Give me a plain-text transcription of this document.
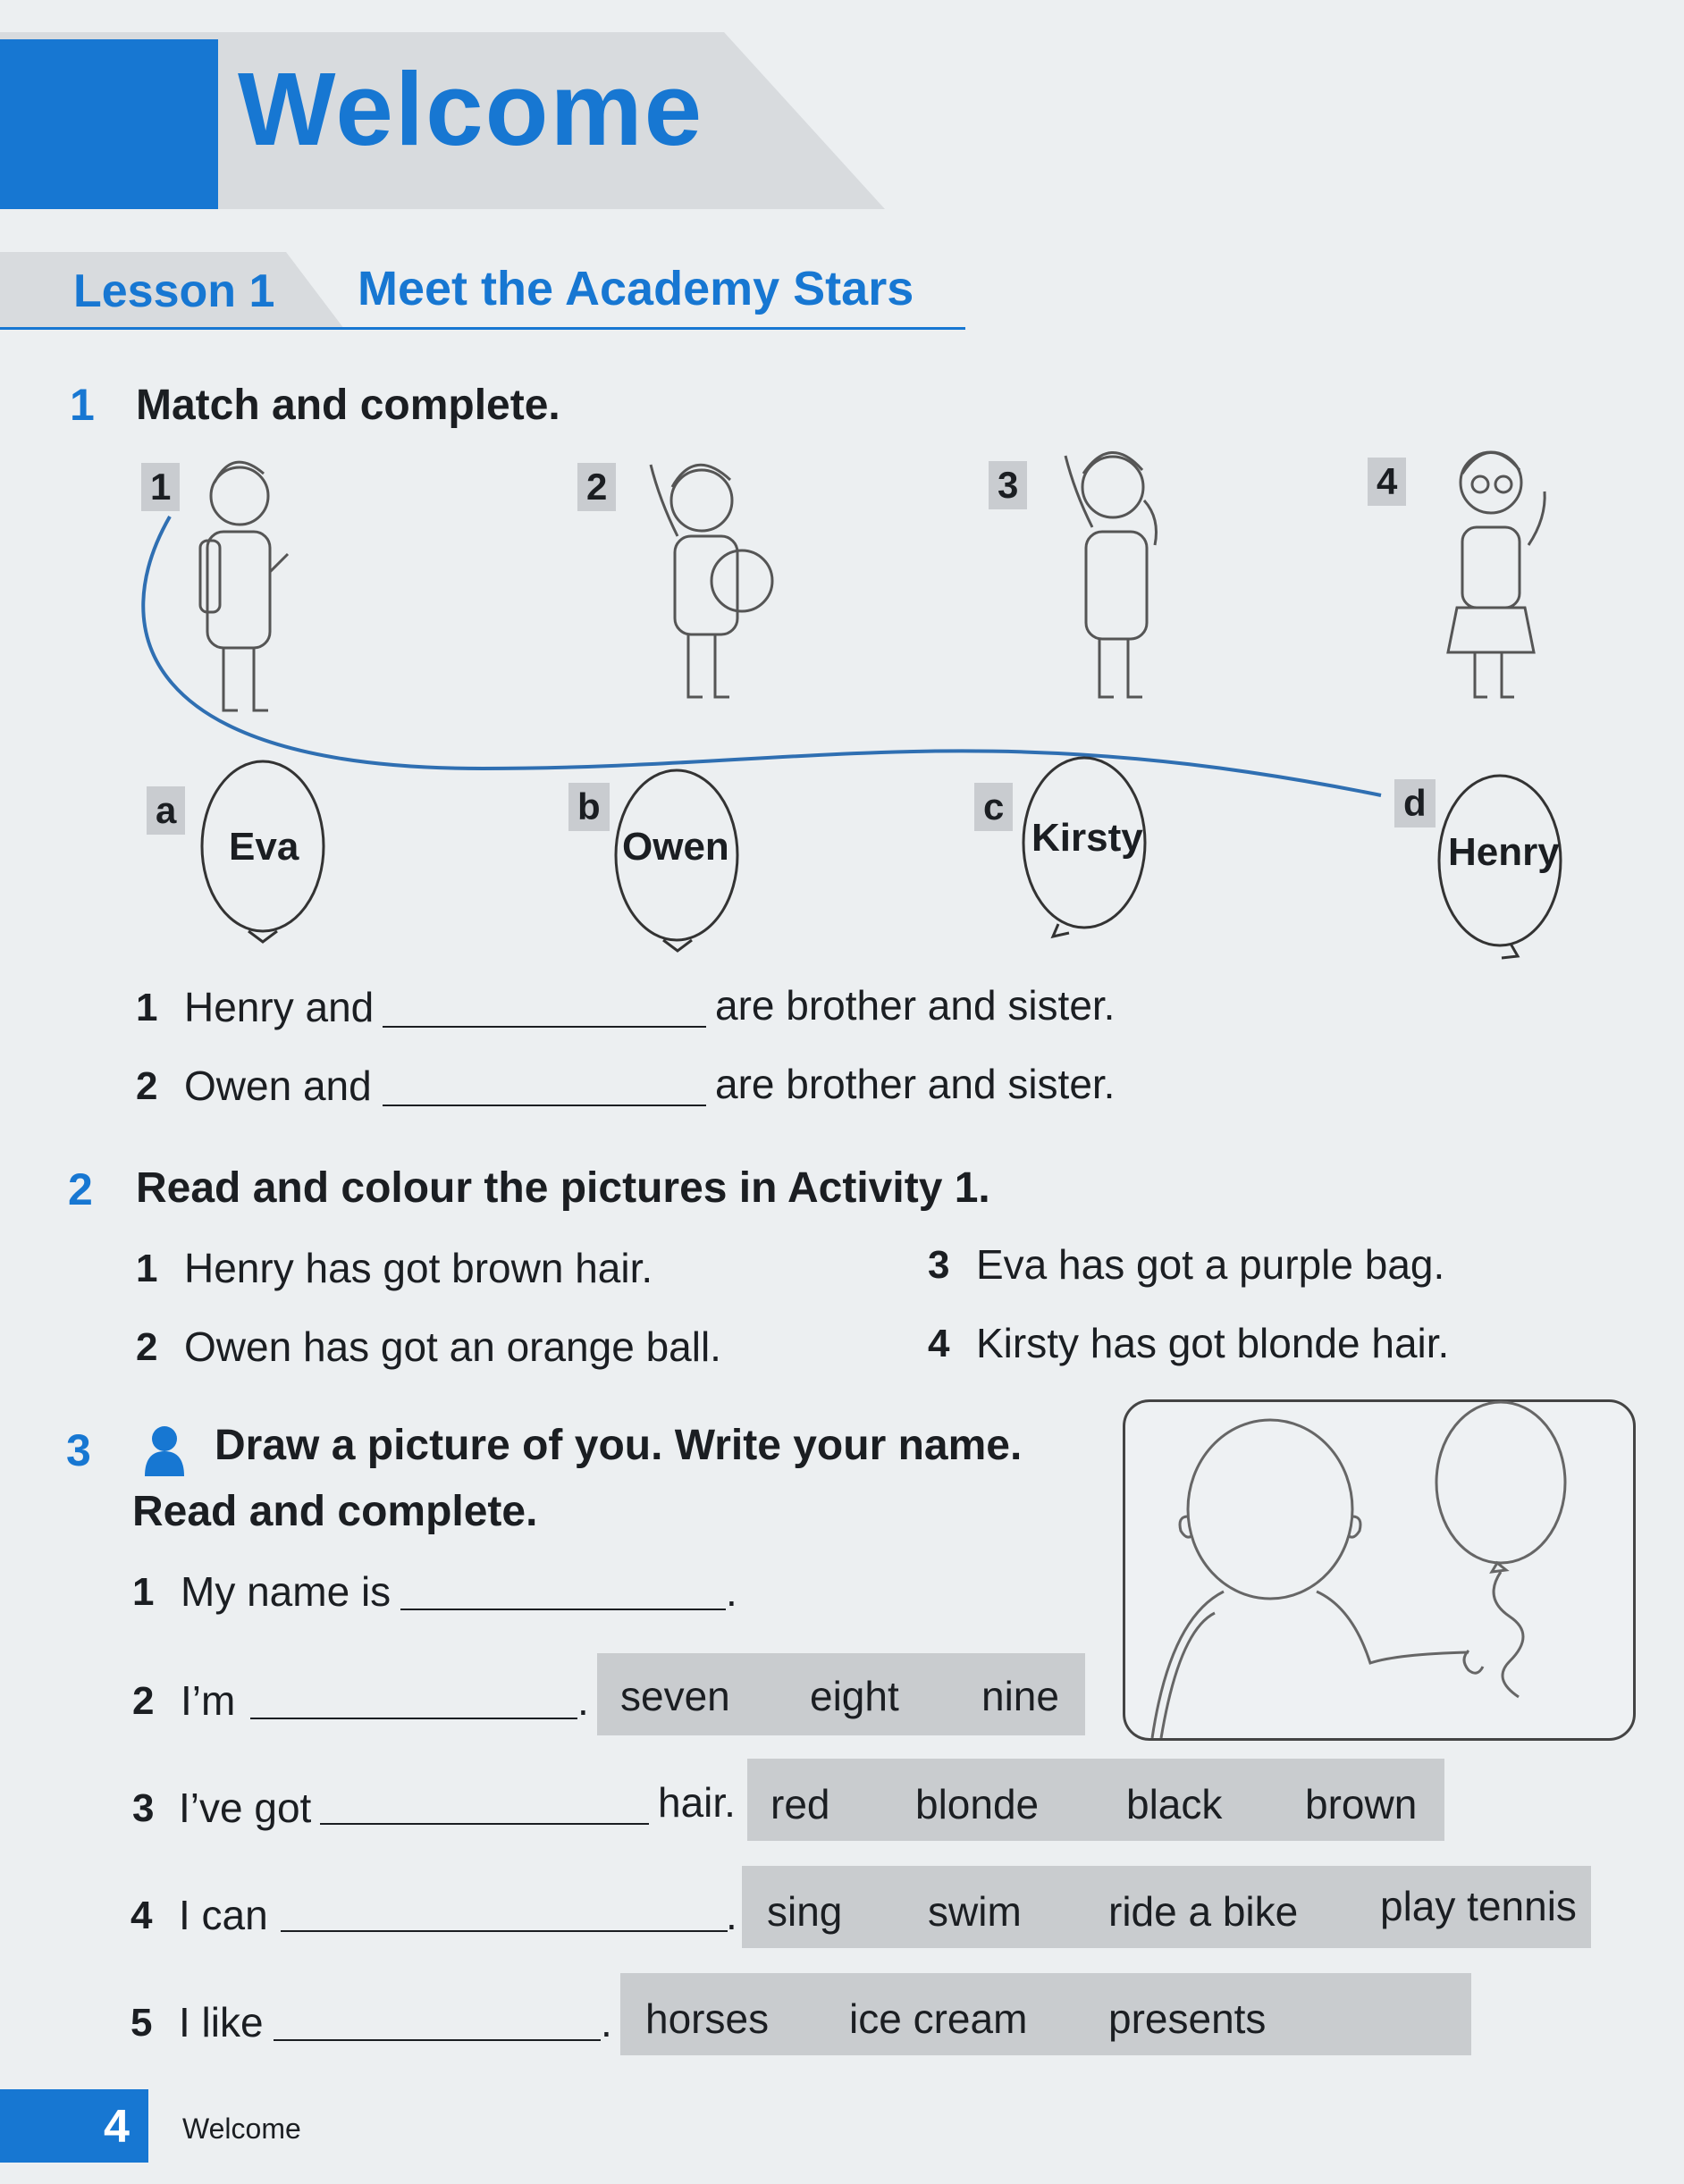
Welcome
Lesson 1 Meet the Academy Stars
1 Match and complete.
1	2	3	4
a	b	c	d
Eva	Owen	Kirsty	Henry
1 Henry and	are brother and sister.
2 Owen and	are brother and sister.
2 Read and colour the pictures in Activity 1.
1 Henry has got brown hair.
2 Owen has got an orange ball.
3 Eva has got a purple bag.
4 Kirsty has got blonde hair.
3	Draw a picture of you. Write your name.
Read and complete.
1 My name is	.
2 I’m	. seven eight nine
3 I’ve got	hair. red blonde black brown
4 I can	. sing swim ride a bike play tennis
5 I like	. horses ice cream presents
4 Welcome
